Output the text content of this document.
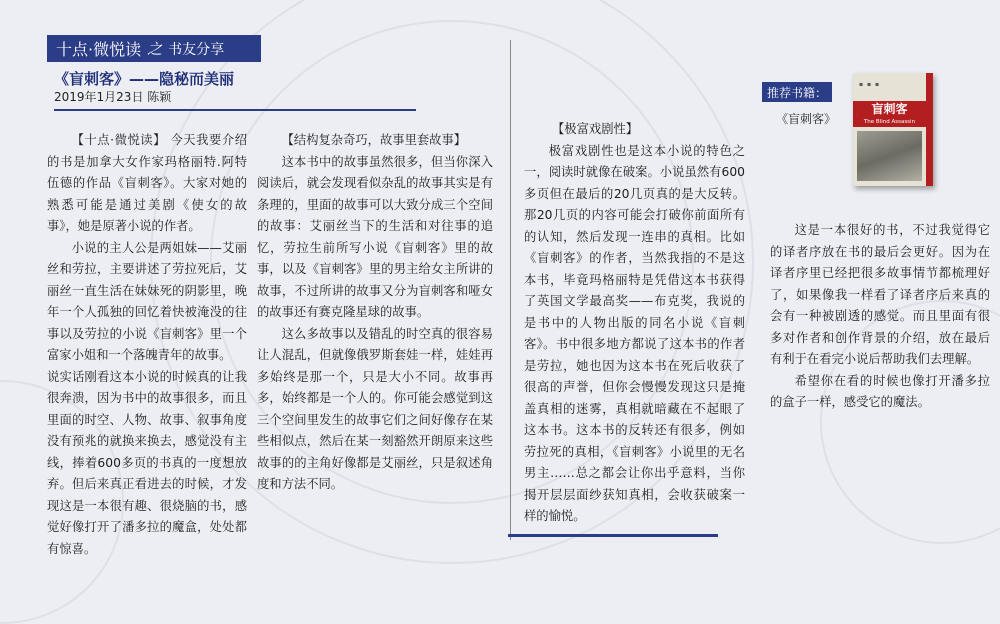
十点·微悦读 之 书友分享
《盲刺客》——隐秘而美丽
2019年1月23日 陈颖

【十点·微悦读】 今天我要介绍的书是加拿大女作家玛格丽特.阿特伍德的作品《盲刺客》。大家对她的熟悉可能是通过美剧《使女的故事》，她是原著小说的作者。

小说的主人公是两姐妹——艾丽丝和劳拉，主要讲述了劳拉死后，艾丽丝一直生活在妹妹死的阴影里，晚年一个人孤独的回忆着快被淹没的往事以及劳拉的小说《盲刺客》里一个富家小姐和一个落魄青年的故事。

说实话刚看这本小说的时候真的让我很奔溃，因为书中的故事很多，而且里面的时空、人物、故事、叙事角度没有预兆的就换来换去，感觉没有主线，捧着600多页的书真的一度想放弃。但后来真正看进去的时候，才发现这是一本很有趣、很烧脑的书，感觉好像打开了潘多拉的魔盒，处处都有惊喜。

【结构复杂奇巧，故事里套故事】

这本书中的故事虽然很多，但当你深入阅读后，就会发现看似杂乱的故事其实是有条理的，里面的故事可以大致分成三个空间的故事：艾丽丝当下的生活和对往事的追忆，劳拉生前所写小说《盲刺客》里的故事，以及《盲刺客》里的男主给女主所讲的故事，不过所讲的故事又分为盲刺客和哑女的故事还有赛克隆星球的故事。

这么多故事以及错乱的时空真的很容易让人混乱，但就像俄罗斯套娃一样，娃娃再多始终是那一个，只是大小不同。故事再多，始终都是一个人的。你可能会感觉到这三个空间里发生的故事它们之间好像存在某些相似点，然后在某一刻豁然开朗原来这些故事的的主角好像都是艾丽丝，只是叙述角度和方法不同。

【极富戏剧性】

极富戏剧性也是这本小说的特色之一，阅读时就像在破案。小说虽然有600多页但在最后的20几页真的是大反转。那20几页的内容可能会打破你前面所有的认知，然后发现一连串的真相。比如《盲刺客》的作者，当然我指的不是这本书，毕竟玛格丽特是凭借这本书获得了英国文学最高奖——布克奖，我说的是书中的人物出版的同名小说《盲刺客》。书中很多地方都说了这本书的作者是劳拉，她也因为这本书在死后收获了很高的声誉，但你会慢慢发现这只是掩盖真相的迷雾，真相就暗藏在不起眼了这本书。这本书的反转还有很多，例如劳拉死的真相，《盲刺客》小说里的无名男主……总之都会让你出乎意料，当你揭开层层面纱获知真相，会收获破案一样的愉悦。

推荐书籍：
《盲刺客》
▪ ▪ ▪
盲刺客
The Blind Assassin

这是一本很好的书，不过我觉得它的译者序放在书的最后会更好。因为在译者序里已经把很多故事情节都梳理好了，如果像我一样看了译者序后来真的会有一种被剧透的感觉。而且里面有很多对作者和创作背景的介绍，放在最后有利于在看完小说后帮助我们去理解。

希望你在看的时候也像打开潘多拉的盒子一样，感受它的魔法。
